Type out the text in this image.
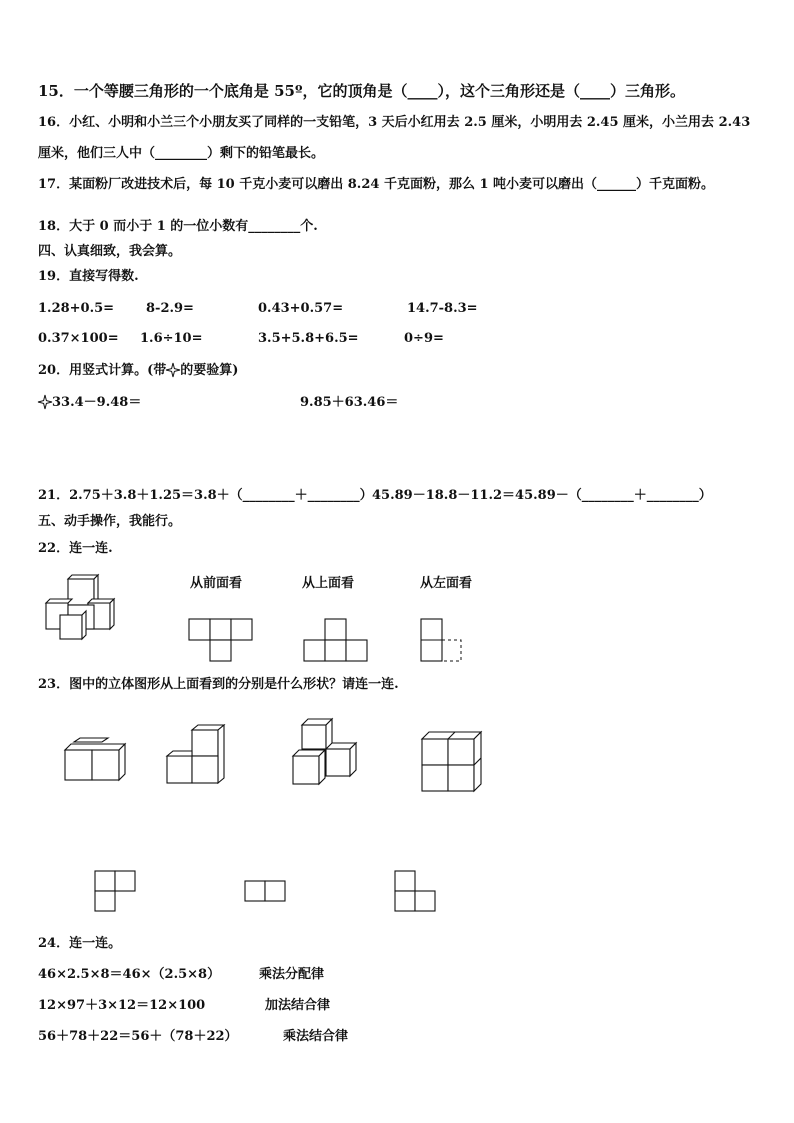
15．一个等腰三角形的一个底角是 55º，它的顶角是（____），这个三角形还是（____）三角形。
16．小红、小明和小兰三个小朋友买了同样的一支铅笔，3 天后小红用去 2.5 厘米，小明用去 2.45 厘米，小兰用去 2.43
厘米，他们三人中（________）剩下的铅笔最长。
17．某面粉厂改进技术后，每 10 千克小麦可以磨出 8.24 千克面粉，那么 1 吨小麦可以磨出（______）千克面粉。
18．大于 0 而小于 1 的一位小数有________个.
四、认真细致，我会算。
19．直接写得数.
1.28+0.5= 8-2.9=	0.43+0.57=	14.7-8.3=
0.37×100= 1.6÷10=	3.5+5.8+6.5=	0÷9=
20．用竖式计算。(带 的要验算)
33.4－9.48＝	9.85＋63.46＝
21．2.75＋3.8＋1.25＝3.8＋（________＋________） 45.89－18.8－11.2＝45.89－（________＋________）
五、动手操作，我能行。
22．连一连.
从前面看	从上面看	从左面看
23．图中的立体图形从上面看到的分别是什么形状？请连一连.
24．连一连。
46×2.5×8＝46×（2.5×8）	乘法分配律
12×97＋3×12＝12×100	加法结合律
56＋78＋22＝56＋（78＋22）	乘法结合律
